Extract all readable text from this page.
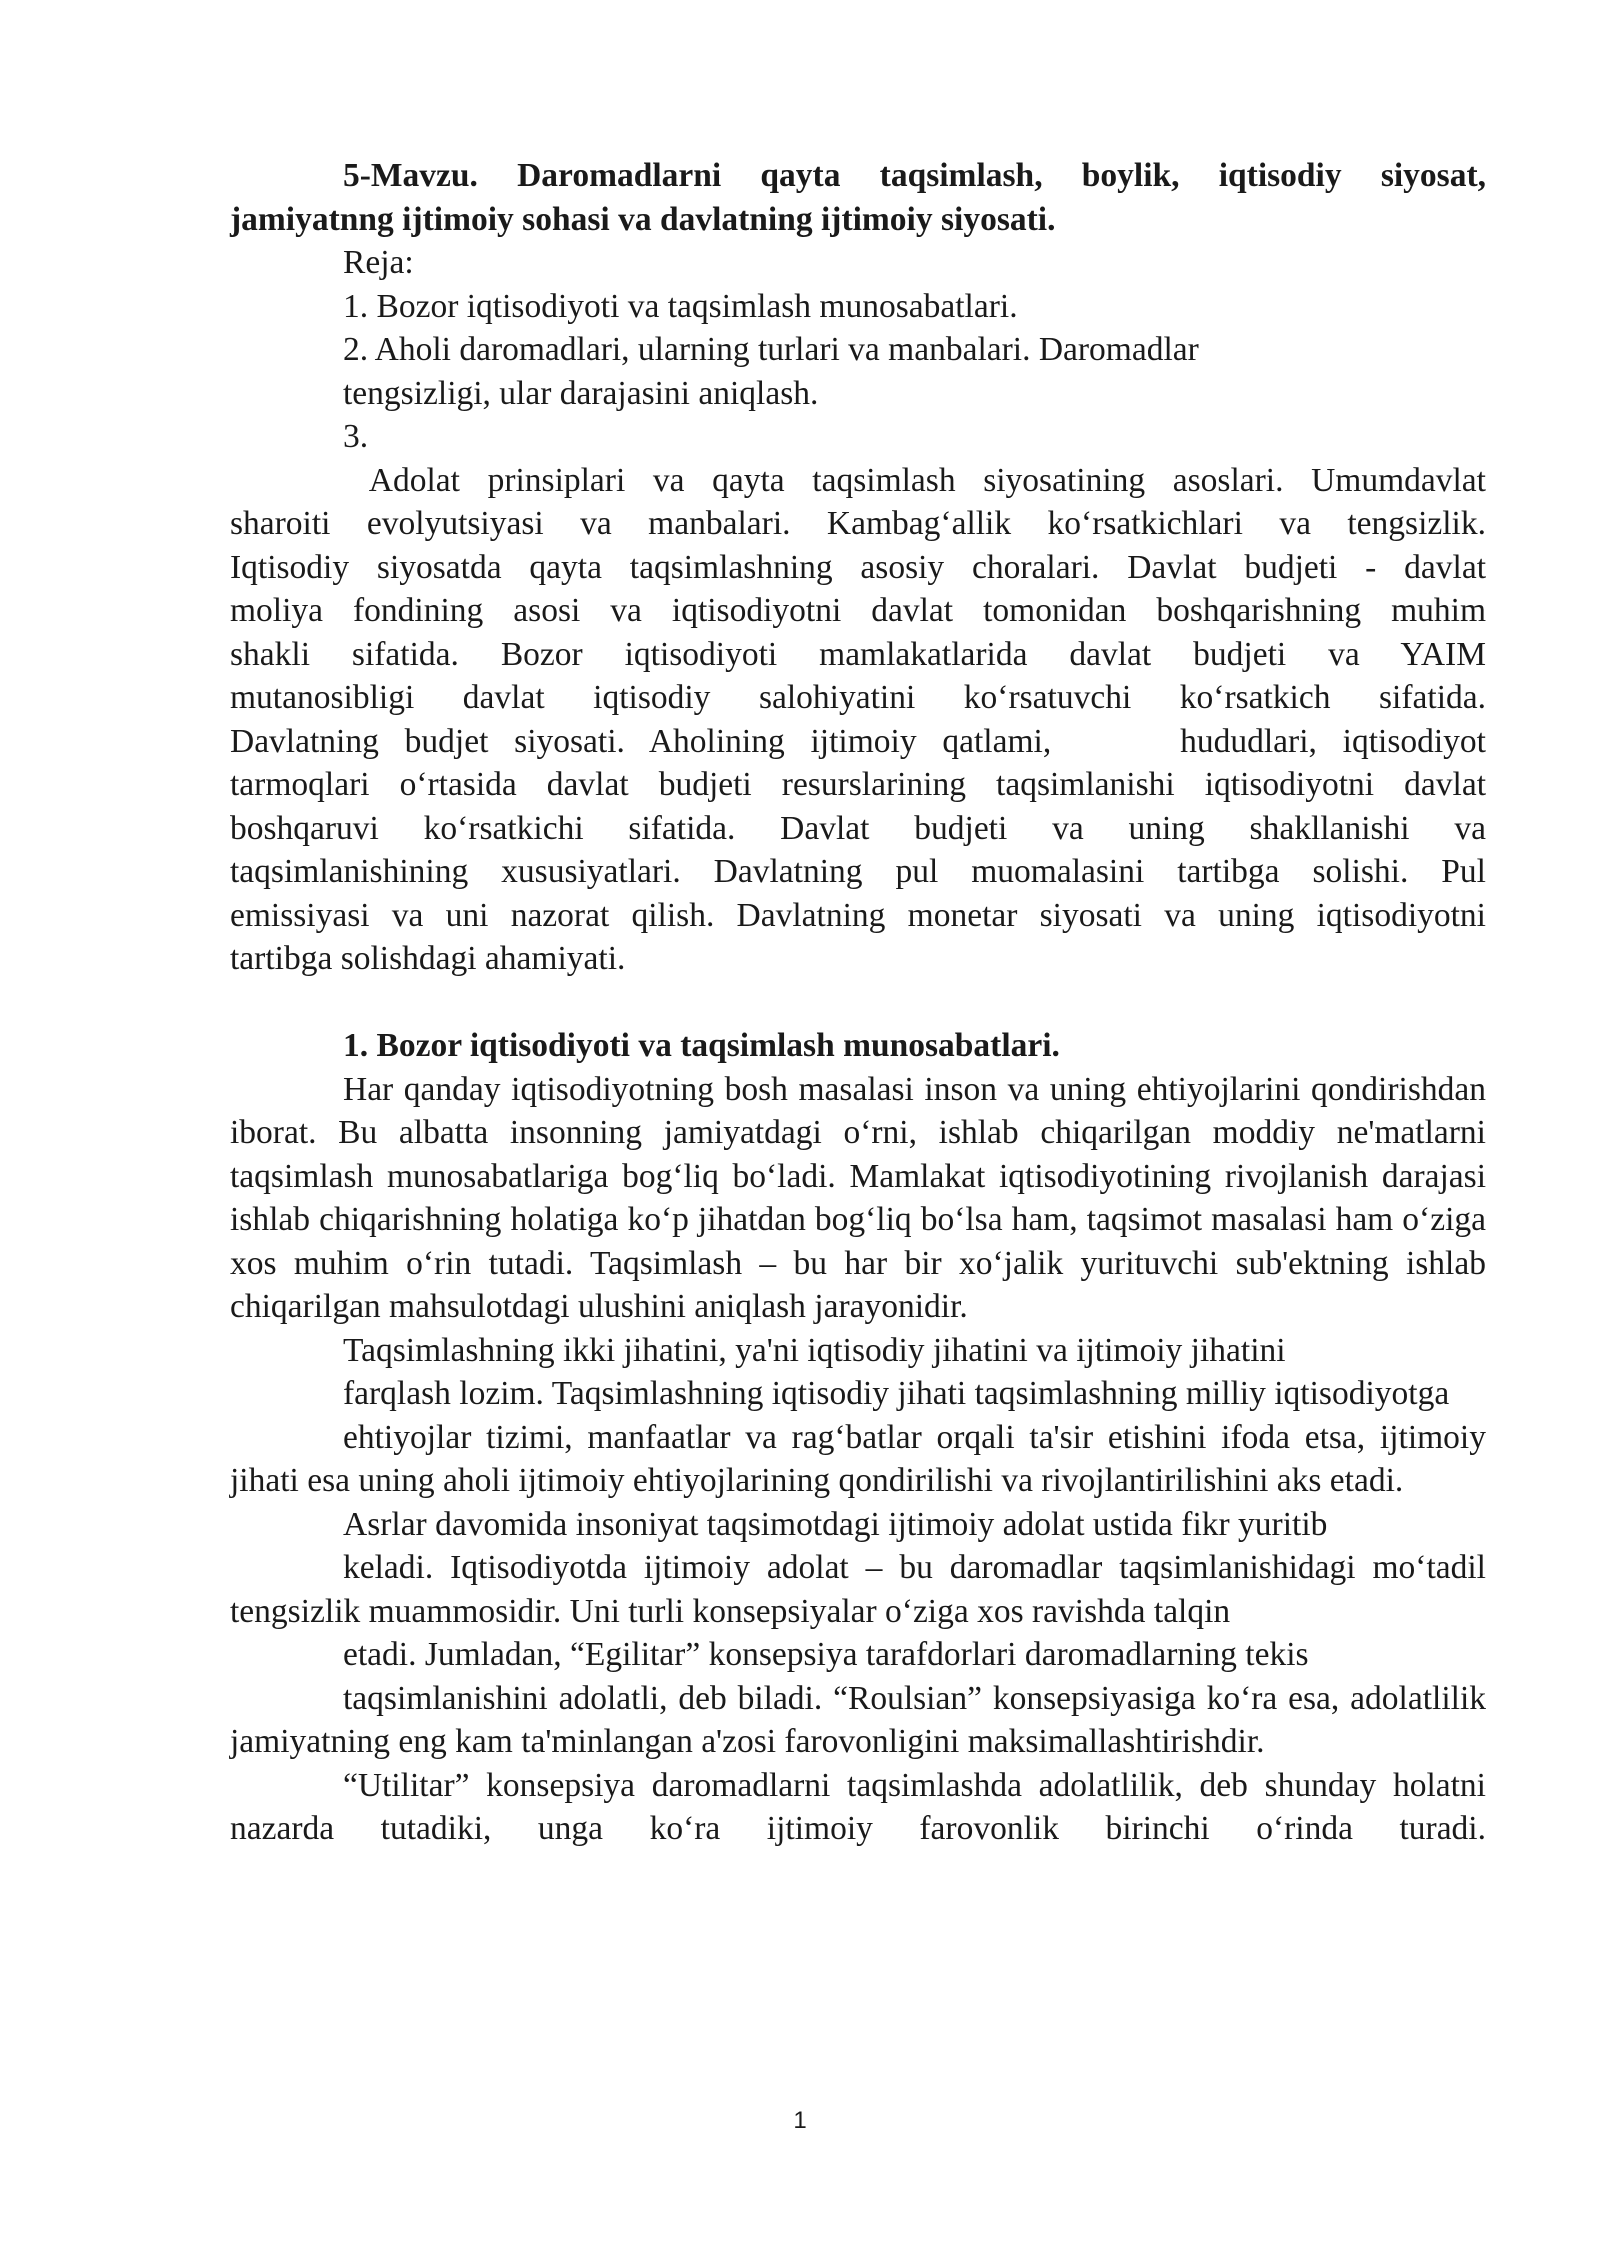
5-Mavzu. Daromadlarni qayta taqsimlash, boylik, iqtisodiy siyosat,

jamiyatnng ijtimoiy sohasi va davlatning ijtimoiy siyosati.

Reja:

1. Bozor iqtisodiyoti va taqsimlash munosabatlari.

2. Aholi daromadlari, ularning turlari va manbalari. Daromadlar

tengsizligi, ular darajasini aniqlash.

3.

Adolat prinsiplari va qayta taqsimlash siyosatining asoslari. Umumdavlat

sharoiti evolyutsiyasi va manbalari. Kambag‘allik ko‘rsatkichlari va tengsizlik.

Iqtisodiy siyosatda qayta taqsimlashning asosiy choralari. Davlat budjeti - davlat

moliya fondining asosi va iqtisodiyotni davlat tomonidan boshqarishning muhim

shakli sifatida. Bozor iqtisodiyoti mamlakatlarida davlat budjeti va YAIM

mutanosibligi davlat iqtisodiy salohiyatini ko‘rsatuvchi ko‘rsatkich sifatida.

Davlatning budjet siyosati. Aholining ijtimoiy qatlami,     hududlari, iqtisodiyot

tarmoqlari o‘rtasida davlat budjeti resurslarining taqsimlanishi iqtisodiyotni davlat

boshqaruvi ko‘rsatkichi sifatida. Davlat budjeti va uning shakllanishi va

taqsimlanishining xususiyatlari. Davlatning pul muomalasini tartibga solishi. Pul

emissiyasi va uni nazorat qilish. Davlatning monetar siyosati va uning iqtisodiyotni

tartibga solishdagi ahamiyati.

1. Bozor iqtisodiyoti va taqsimlash munosabatlari.

Har qanday iqtisodiyotning bosh masalasi inson va uning ehtiyojlarini qondirishdan iborat. Bu albatta insonning jamiyatdagi o‘rni, ishlab chiqarilgan moddiy ne'matlarni taqsimlash munosabatlariga bog‘liq bo‘ladi. Mamlakat iqtisodiyotining rivojlanish darajasi ishlab chiqarishning holatiga ko‘p jihatdan bog‘liq bo‘lsa ham, taqsimot masalasi ham o‘ziga xos muhim o‘rin tutadi. Taqsimlash – bu har bir xo‘jalik yurituvchi sub'ektning ishlab chiqarilgan mahsulotdagi ulushini aniqlash jarayonidir.

Taqsimlashning ikki jihatini, ya'ni iqtisodiy jihatini va ijtimoiy jihatini

farqlash lozim. Taqsimlashning iqtisodiy jihati taqsimlashning milliy iqtisodiyotga

ehtiyojlar tizimi, manfaatlar va rag‘batlar orqali ta'sir etishini ifoda etsa, ijtimoiy jihati esa uning aholi ijtimoiy ehtiyojlarining qondirilishi va rivojlantirilishini aks etadi.

Asrlar davomida insoniyat taqsimotdagi ijtimoiy adolat ustida fikr yuritib

keladi. Iqtisodiyotda ijtimoiy adolat – bu daromadlar taqsimlanishidagi mo‘tadil tengsizlik muammosidir. Uni turli konsepsiyalar o‘ziga xos ravishda talqin

etadi. Jumladan, “Egilitar” konsepsiya tarafdorlari daromadlarning tekis

taqsimlanishini adolatli, deb biladi. “Roulsian” konsepsiyasiga ko‘ra esa, adolatlilik jamiyatning eng kam ta'minlangan a'zosi farovonligini maksimallashtirishdir.

“Utilitar” konsepsiya daromadlarni taqsimlashda adolatlilik, deb shunday holatni nazarda tutadiki, unga ko‘ra ijtimoiy farovonlik birinchi o‘rinda turadi.

1
